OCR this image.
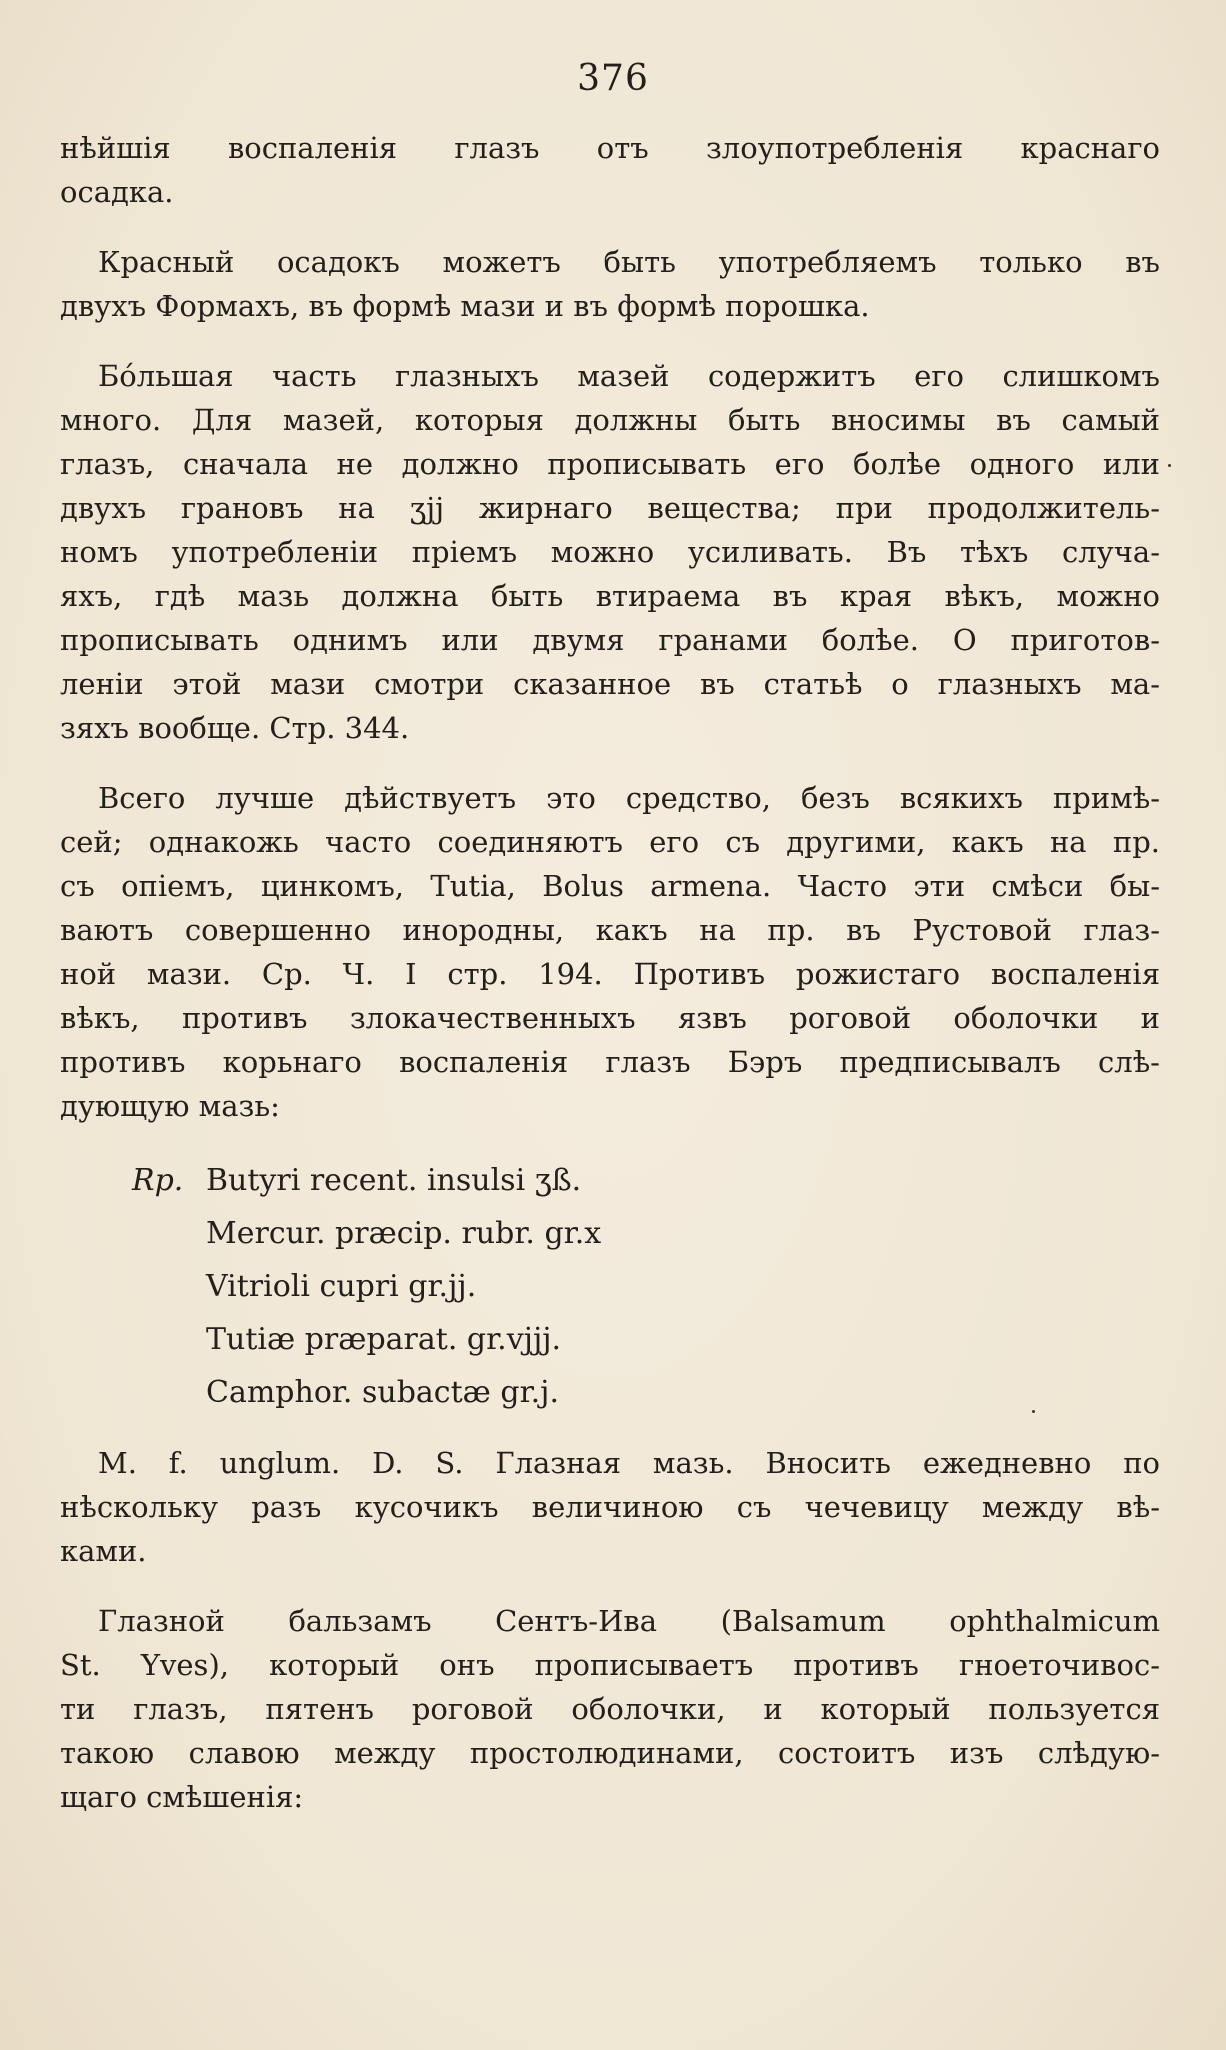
376
нѣйшія воспаленія глазъ отъ злоупотребленія краснаго
осадка.
Красный осадокъ можетъ быть употребляемъ только въ
двухъ Формахъ, въ формѣ мази и въ формѣ порошка.
Бо́льшая часть глазныхъ мазей содержитъ его слишкомъ
много. Для мазей, которыя должны быть вносимы въ самый
глазъ, сначала не должно прописывать его болѣе одного или
двухъ грановъ на ʒjj жирнаго вещества; при продолжитель-
номъ употребленіи пріемъ можно усиливать. Въ тѣхъ случа-
яхъ, гдѣ мазь должна быть втираема въ края вѣкъ, можно
прописывать однимъ или двумя гранами болѣе. О приготов-
леніи этой мази смотри сказанное въ статьѣ о глазныхъ ма-
зяхъ вообще. Стр. 344.
Всего лучше дѣйствуетъ это средство, безъ всякихъ примѣ-
сей; однакожь часто соединяютъ его съ другими, какъ на пр.
съ опіемъ, цинкомъ, Tutia, Bolus armena. Часто эти смѣси бы-
ваютъ совершенно инородны, какъ на пр. въ Рустовой глаз-
ной мази. Ср. Ч. I стр. 194. Противъ рожистаго воспаленія
вѣкъ, противъ злокачественныхъ язвъ роговой оболочки и
противъ корьнаго воспаленія глазъ Бэръ предписывалъ слѣ-
дующую мазь:
Rp. Butyri recent. insulsi ʒß.
Mercur. præcip. rubr. gr.x
Vitrioli cupri gr.jj.
Tutiæ præparat. gr.vjjj.
Camphor. subactæ gr.j.
M. f. unglum. D. S. Глазная мазь. Вносить ежедневно по
нѣскольку разъ кусочикъ величиною съ чечевицу между вѣ-
ками.
Глазной бальзамъ Сентъ-Ива (Balsamum ophthalmicum
St. Yves), который онъ прописываетъ противъ гноеточивос-
ти глазъ, пятенъ роговой оболочки, и который пользуется
такою славою между простолюдинами, состоитъ изъ слѣдую-
щаго смѣшенія:
